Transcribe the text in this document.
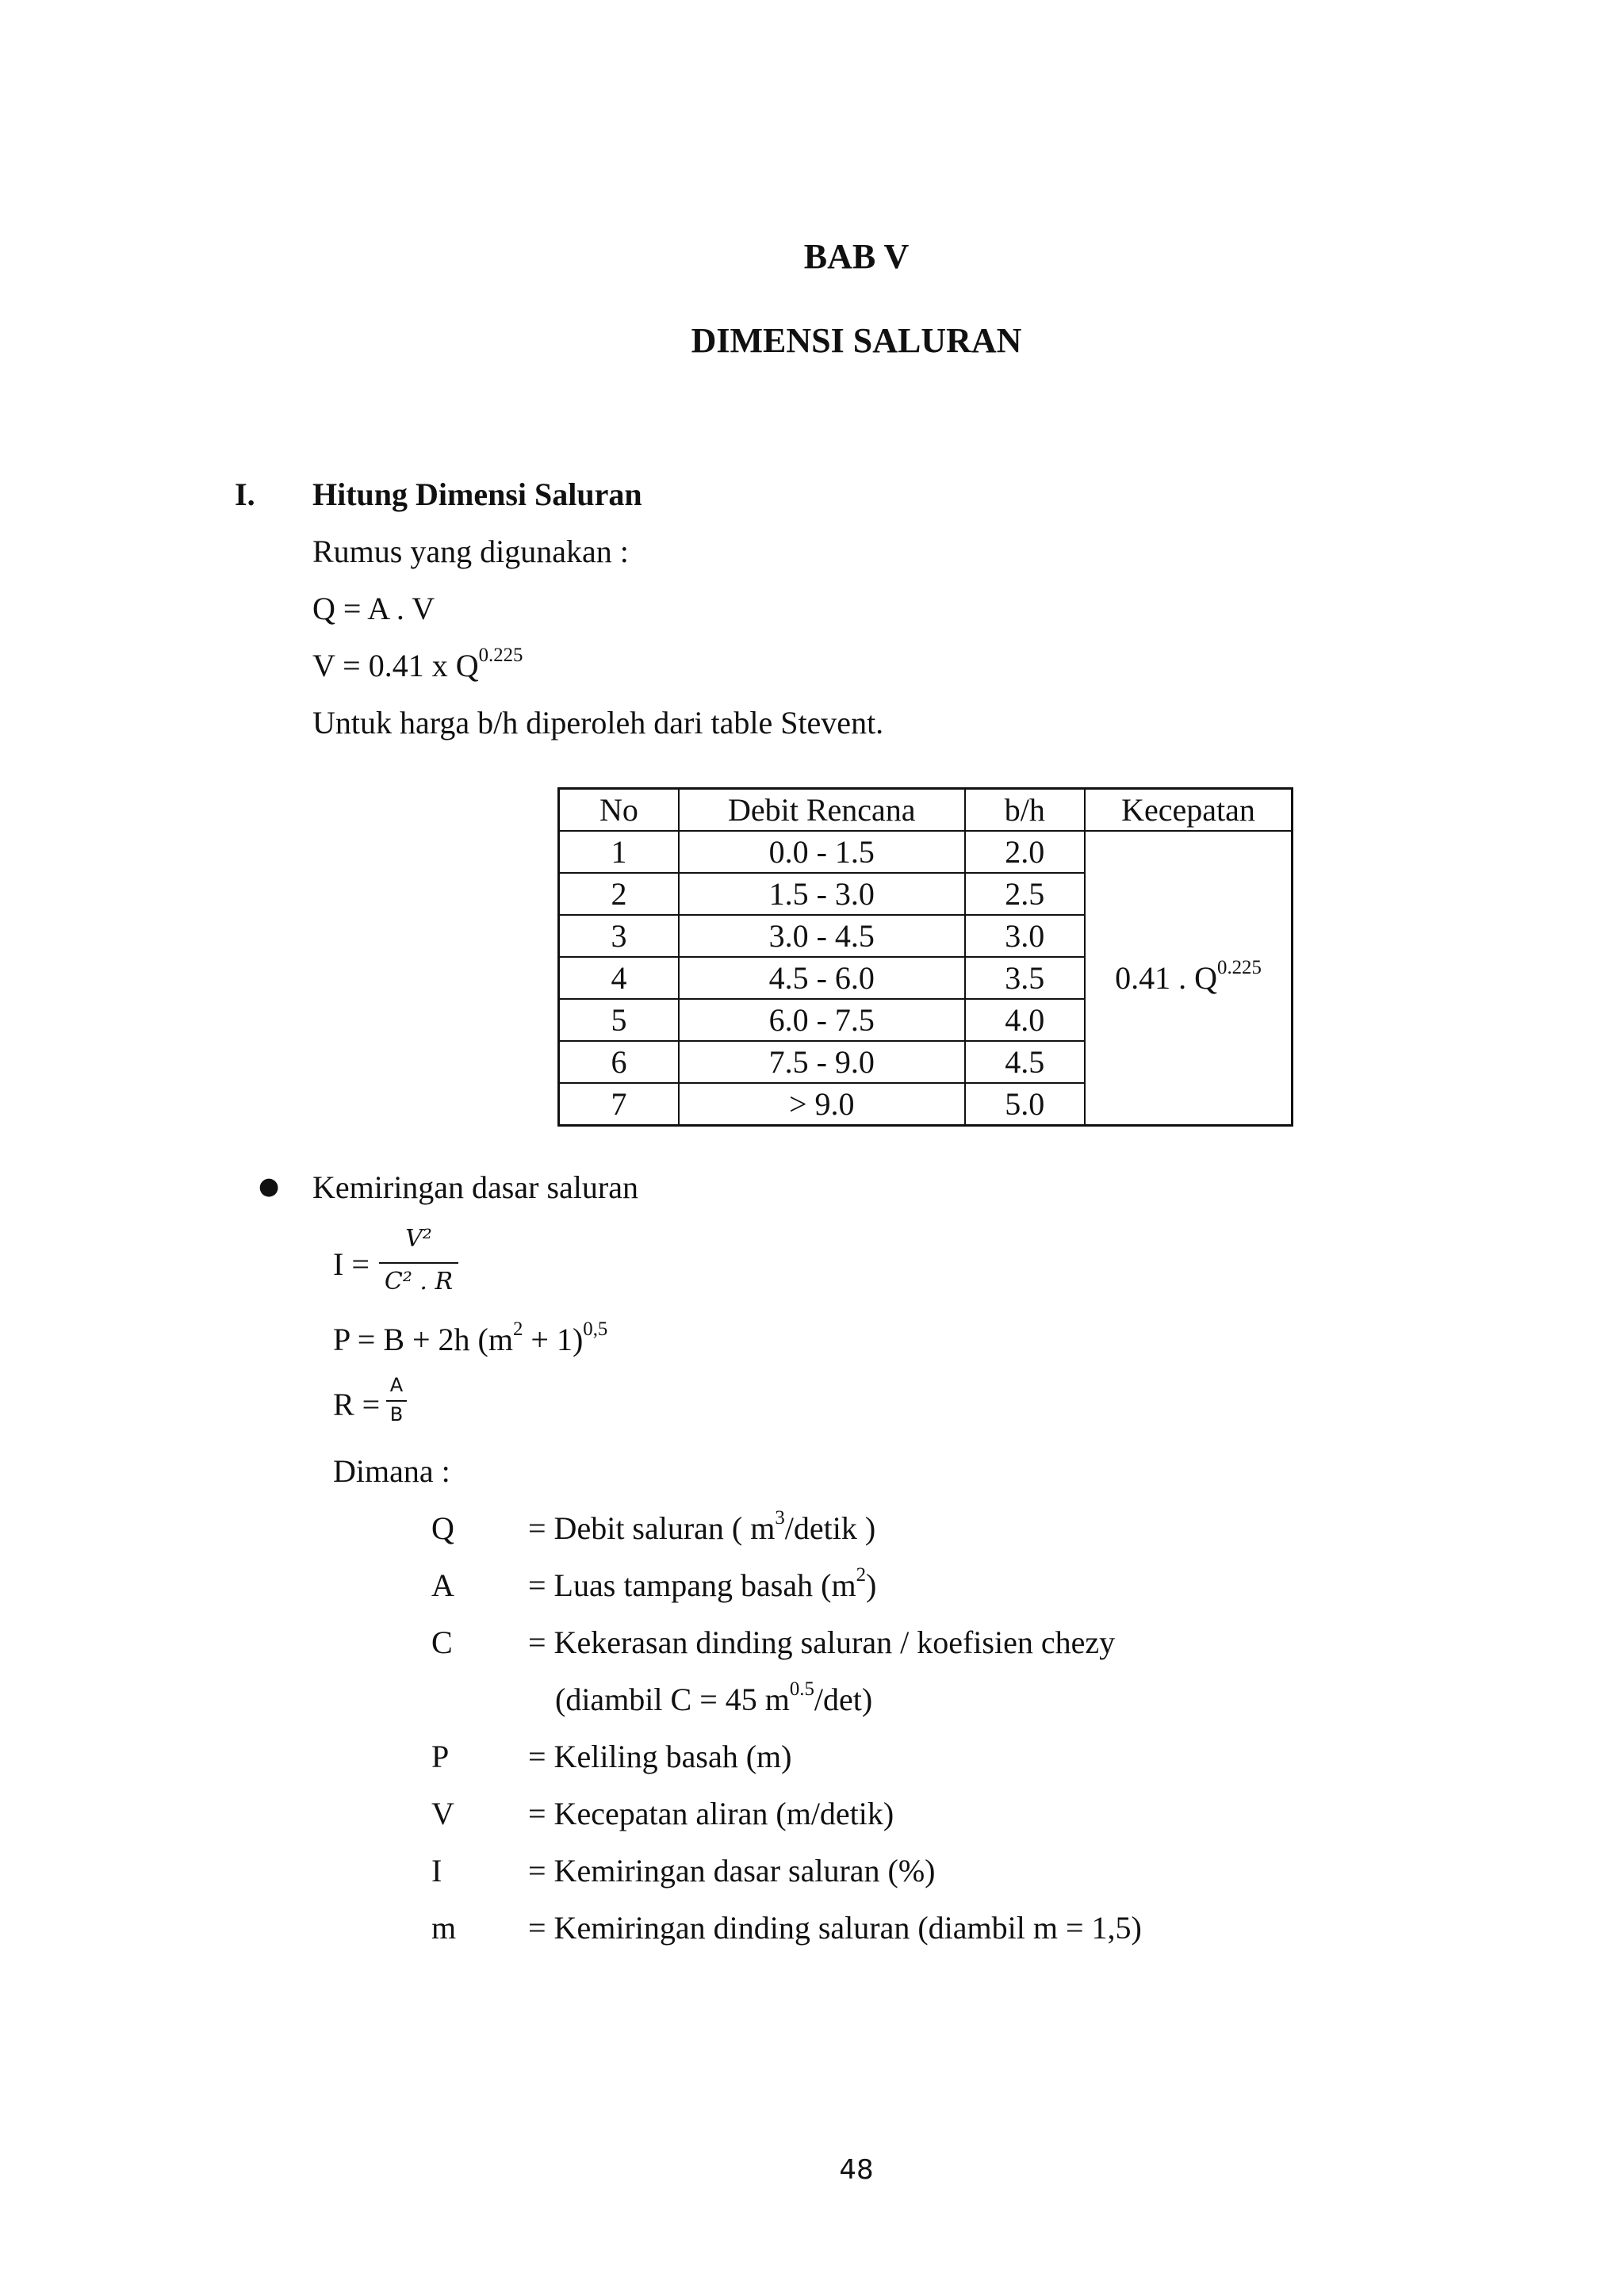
BAB V
DIMENSI SALURAN
I. Hitung Dimensi Saluran
Rumus yang digunakan :
Q = A . V
V = 0.41 x $Q^{0.225}$
Untuk harga b/h diperoleh dari table Stevent.
No	Debit Rencana	b/h	Kecepatan
1	0.0 - 1.5	2.0	0.41 . $Q^{0.225}$
2	1.5 - 3.0	2.5	
3	3.0 - 4.5	3.0	
4	4.5 - 6.0	3.5	
5	6.0 - 7.5	4.0	
6	7.5 - 9.0	4.5	
7	> 9.0	5.0	
● Kemiringan dasar saluran
I =
V²
C² . R
P = B + 2h $(m^2 + 1)^{0,5}$
R =
A
B
Dimana :
Q = Debit saluran ( $m^3$/detik )
A = Luas tampang basah $(m^2)$
C = Kekerasan dinding saluran / koefisien chezy
(diambil C = 45 $m^{0.5}/\det$)
P = Keliling basah (m)
V = Kecepatan aliran (m/detik)
I	= Kemiringan dasar saluran (%)
m = Kemiringan dinding saluran (diambil m = 1,5)
48
